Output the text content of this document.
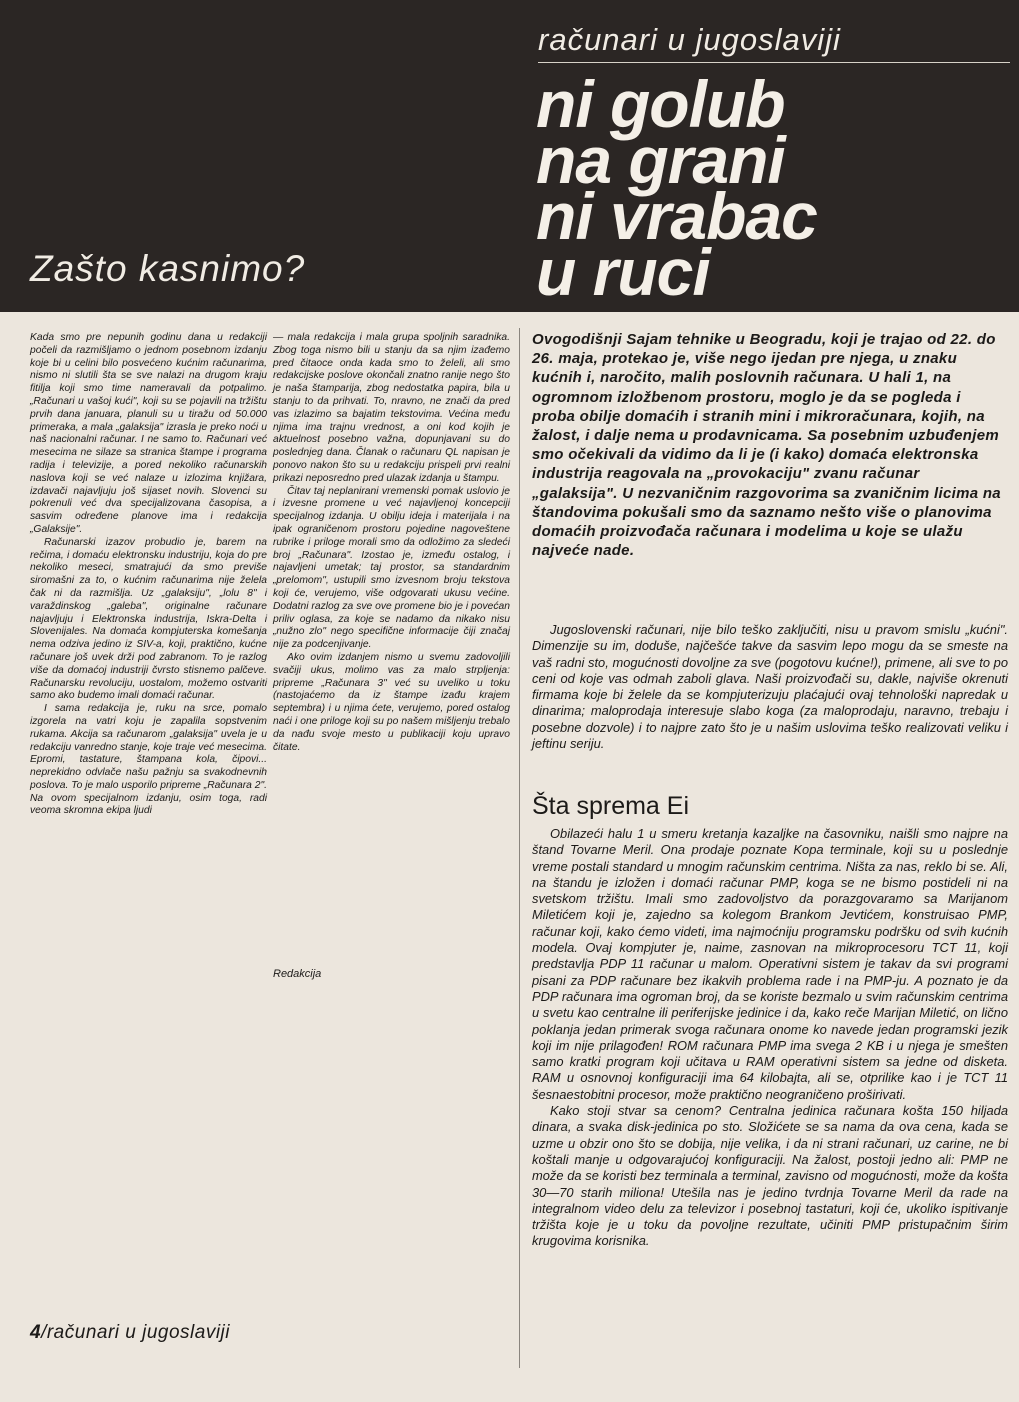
računari u jugoslaviji
ni golub
na grani
ni vrabac
u ruci
Zašto kasnimo?

Kada smo pre nepunih godinu dana u redakciji počeli da razmišljamo o jednom posebnom izdanju koje bi u celini bilo posvećeno kućnim računarima, nismo ni slutili šta se sve nalazi na drugom kraju fitilja koji smo time nameravali da potpalimo. „Računari u vašoj kući", koji su se pojavili na tržištu prvih dana januara, planuli su u tiražu od 50.000 primeraka, a mala „galaksija" izrasla je preko noći u naš nacionalni računar. I ne samo to. Računari već mesecima ne silaze sa stranica štampe i programa radija i televizije, a pored nekoliko računarskih naslova koji se već nalaze u izlozima knjižara, izdavači najavljuju još sijaset novih. Slovenci su pokrenuli već dva specijalizovana časopisa, a sasvim određene planove ima i redakcija „Galaksije".

Računarski izazov probudio je, barem na rečima, i domaću elektronsku industriju, koja do pre nekoliko meseci, smatrajući da smo previše siromašni za to, o kućnim računarima nije želela čak ni da razmišlja. Uz „galaksiju", „lolu 8" i varaždinskog „galeba", originalne računare najavljuju i Elektronska industrija, Iskra-Delta i Slovenijales. Na domaća kompjuterska komešanja nema odziva jedino iz SIV-a, koji, praktično, kućne računare još uvek drži pod zabranom. To je razlog više da domaćoj industriji čvrsto stisnemo palčeve. Računarsku revoluciju, uostalom, možemo ostvariti samo ako budemo imali domaći računar.

I sama redakcija je, ruku na srce, pomalo izgorela na vatri koju je zapalila sopstvenim rukama. Akcija sa računarom „galaksija" uvela je u redakciju vanredno stanje, koje traje već mesecima. Epromi, tastature, štampana kola, čipovi... neprekidno odvlače našu pažnju sa svakodnevnih poslova. To je malo usporilo pripreme „Računara 2". Na ovom specijalnom izdanju, osim toga, radi veoma skromna ekipa ljudi

— mala redakcija i mala grupa spoljnih saradnika. Zbog toga nismo bili u stanju da sa njim izađemo pred čitaoce onda kada smo to želeli, ali smo redakcijske poslove okončali znatno ranije nego što je naša štamparija, zbog nedostatka papira, bila u stanju to da prihvati. To, nravno, ne znači da pred vas izlazimo sa bajatim tekstovima. Većina među njima ima trajnu vrednost, a oni kod kojih je aktuelnost posebno važna, dopunjavani su do poslednjeg dana. Članak o računaru QL napisan je ponovo nakon što su u redakciju prispeli prvi realni prikazi neposredno pred ulazak izdanja u štampu.

Čitav taj neplanirani vremenski pomak uslovio je i izvesne promene u već najavljenoj koncepciji specijalnog izdanja. U obilju ideja i materijala i na ipak ograničenom prostoru pojedine nagoveštene rubrike i priloge morali smo da odložimo za sledeći broj „Računara". Izostao je, između ostalog, i najavljeni umetak; taj prostor, sa standardnim „prelomom", ustupili smo izvesnom broju tekstova koji će, verujemo, više odgovarati ukusu većine. Dodatni razlog za sve ove promene bio je i povećan priliv oglasa, za koje se nadamo da nikako nisu „nužno zlo" nego specifične informacije čiji značaj nije za podcenjivanje.

Ako ovim izdanjem nismo u svemu zadovoljili svačiji ukus, molimo vas za malo strpljenja: pripreme „Računara 3" već su uveliko u toku (nastojaćemo da iz štampe izađu krajem septembra) i u njima ćete, verujemo, pored ostalog naći i one priloge koji su po našem mišljenju trebalo da nađu svoje mesto u publikaciji koju upravo čitate.

Redakcija
Ovogodišnji Sajam tehnike u Beogradu, koji je trajao od 22. do 26. maja, protekao je, više nego ijedan pre njega, u znaku kućnih i, naročito, malih poslovnih računara. U hali 1, na ogromnom izložbenom prostoru, moglo je da se pogleda i proba obilje domaćih i stranih mini i mikroračunara, kojih, na žalost, i dalje nema u prodavnicama. Sa posebnim uzbuđenjem smo očekivali da vidimo da li je (i kako) domaća elektronska industrija reagovala na „provokaciju" zvanu računar „galaksija". U nezvaničnim razgovorima sa zvaničnim licima na štandovima pokušali smo da saznamo nešto više o planovima domaćih proizvođača računara i modelima u koje se ulažu najveće nade.

Jugoslovenski računari, nije bilo teško zaključiti, nisu u pravom smislu „kućni". Dimenzije su im, doduše, najčešće takve da sasvim lepo mogu da se smeste na vaš radni sto, mogućnosti dovoljne za sve (pogotovu kućne!), primene, ali sve to po ceni od koje vas odmah zaboli glava. Naši proizvođači su, dakle, najviše okrenuti firmama koje bi želele da se kompjuterizuju plaćajući ovaj tehnološki napredak u dinarima; maloprodaja interesuje slabo koga (za maloprodaju, naravno, trebaju i posebne dozvole) i to najpre zato što je u našim uslovima teško realizovati veliku i jeftinu seriju.

Šta sprema Ei

Obilazeći halu 1 u smeru kretanja kazaljke na časovniku, naišli smo najpre na štand Tovarne Meril. Ona prodaje poznate Kopa terminale, koji su u poslednje vreme postali standard u mnogim računskim centrima. Ništa za nas, reklo bi se. Ali, na štandu je izložen i domaći računar PMP, koga se ne bismo postideli ni na svetskom tržištu. Imali smo zadovoljstvo da porazgovaramo sa Marijanom Miletićem koji je, zajedno sa kolegom Brankom Jevtićem, konstruisao PMP, računar koji, kako ćemo videti, ima najmoćniju programsku podršku od svih kućnih modela. Ovaj kompjuter je, naime, zasnovan na mikroprocesoru TCT 11, koji predstavlja PDP 11 računar u malom. Operativni sistem je takav da svi programi pisani za PDP računare bez ikakvih problema rade i na PMP-ju. A poznato je da PDP računara ima ogroman broj, da se koriste bezmalo u svim računskim centrima u svetu kao centralne ili periferijske jedinice i da, kako reče Marijan Miletić, on lično poklanja jedan primerak svoga računara onome ko navede jedan programski jezik koji im nije prilagođen! ROM računara PMP ima svega 2 KB i u njega je smešten samo kratki program koji učitava u RAM operativni sistem sa jedne od disketa. RAM u osnovnoj konfiguraciji ima 64 kilobajta, ali se, otprilike kao i je TCT 11 šesnaestobitni procesor, može praktično neograničeno proširivati.

Kako stoji stvar sa cenom? Centralna jedinica računara košta 150 hiljada dinara, a svaka disk-jedinica po sto. Složićete se sa nama da ova cena, kada se uzme u obzir ono što se dobija, nije velika, i da ni strani računari, uz carine, ne bi koštali manje u odgovarajućoj konfiguraciji. Na žalost, postoji jedno ali: PMP ne može da se koristi bez terminala a terminal, zavisno od mogućnosti, može da košta 30—70 starih miliona! Utešila nas je jedino tvrdnja Tovarne Meril da rade na integralnom video delu za televizor i posebnoj tastaturi, koji će, ukoliko ispitivanje tržišta koje je u toku da povoljne rezultate, učiniti PMP pristupačnim širim krugovima korisnika.

4/računari u jugoslaviji
